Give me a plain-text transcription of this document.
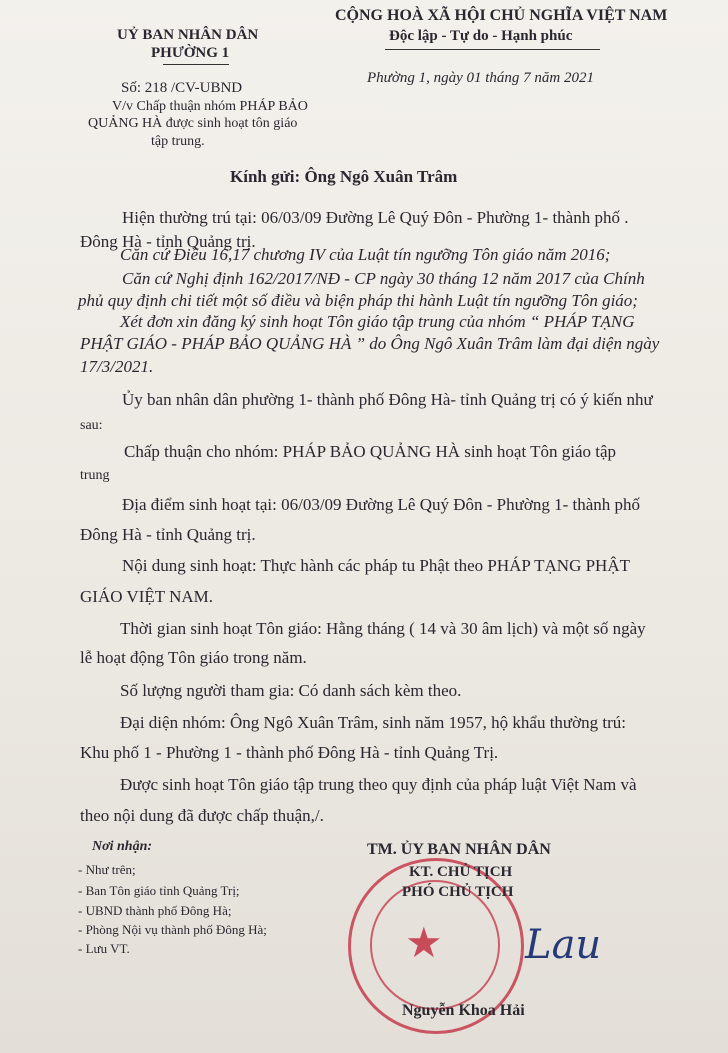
UỶ BAN NHÂN DÂN
PHƯỜNG 1
CỘNG HOÀ XÃ HỘI CHỦ NGHĨA VIỆT NAM
Độc lập - Tự do - Hạnh phúc
Số: 218 /CV-UBND
Phường 1, ngày 01 tháng 7 năm 2021
V/v Chấp thuận nhóm PHÁP BẢO
QUẢNG HÀ được sinh hoạt tôn giáo
tập trung.
Kính gửi: Ông Ngô Xuân Trâm
Hiện thường trú tại: 06/03/09 Đường Lê Quý Đôn - Phường 1- thành phố .
Đông Hà - tỉnh Quảng trị.
Căn cứ Điều 16,17 chương IV của Luật tín ngưỡng Tôn giáo năm 2016;
Căn cứ Nghị định 162/2017/NĐ - CP ngày 30 tháng 12 năm 2017 của Chính
phủ quy định chi tiết một số điều và biện pháp thi hành Luật tín ngưỡng Tôn giáo;
Xét đơn xin đăng ký sinh hoạt Tôn giáo tập trung của nhóm “ PHÁP TẠNG
PHẬT GIÁO - PHÁP BẢO QUẢNG HÀ ” do Ông Ngô Xuân Trâm làm đại diện ngày
17/3/2021.
Ủy ban nhân dân phường 1- thành phố Đông Hà- tỉnh Quảng trị có ý kiến như
sau:
Chấp thuận cho nhóm: PHÁP BẢO QUẢNG HÀ sinh hoạt Tôn giáo tập
trung
Địa điểm sinh hoạt tại: 06/03/09 Đường Lê Quý Đôn - Phường 1- thành phố
Đông Hà - tỉnh Quảng trị.
Nội dung sinh hoạt: Thực hành các pháp tu Phật theo PHÁP TẠNG PHẬT
GIÁO VIỆT NAM.
Thời gian sinh hoạt Tôn giáo: Hằng tháng ( 14 và 30 âm lịch) và một số ngày
lễ hoạt động Tôn giáo trong năm.
Số lượng người tham gia: Có danh sách kèm theo.
Đại diện nhóm: Ông Ngô Xuân Trâm, sinh năm 1957, hộ khẩu thường trú:
Khu phố 1 - Phường 1 - thành phố Đông Hà - tỉnh Quảng Trị.
Được sinh hoạt Tôn giáo tập trung theo quy định của pháp luật Việt Nam và
theo nội dung đã được chấp thuận,/.
Nơi nhận:
- Như trên;
- Ban Tôn giáo tỉnh Quảng Trị;
- UBND thành phố Đông Hà;
- Phòng Nội vụ thành phố Đông Hà;
- Lưu VT.	★
TM. ỦY BAN NHÂN DÂN
KT. CHỦ TỊCH
PHÓ CHỦ TỊCH
Lau
Nguyễn Khoa Hải
